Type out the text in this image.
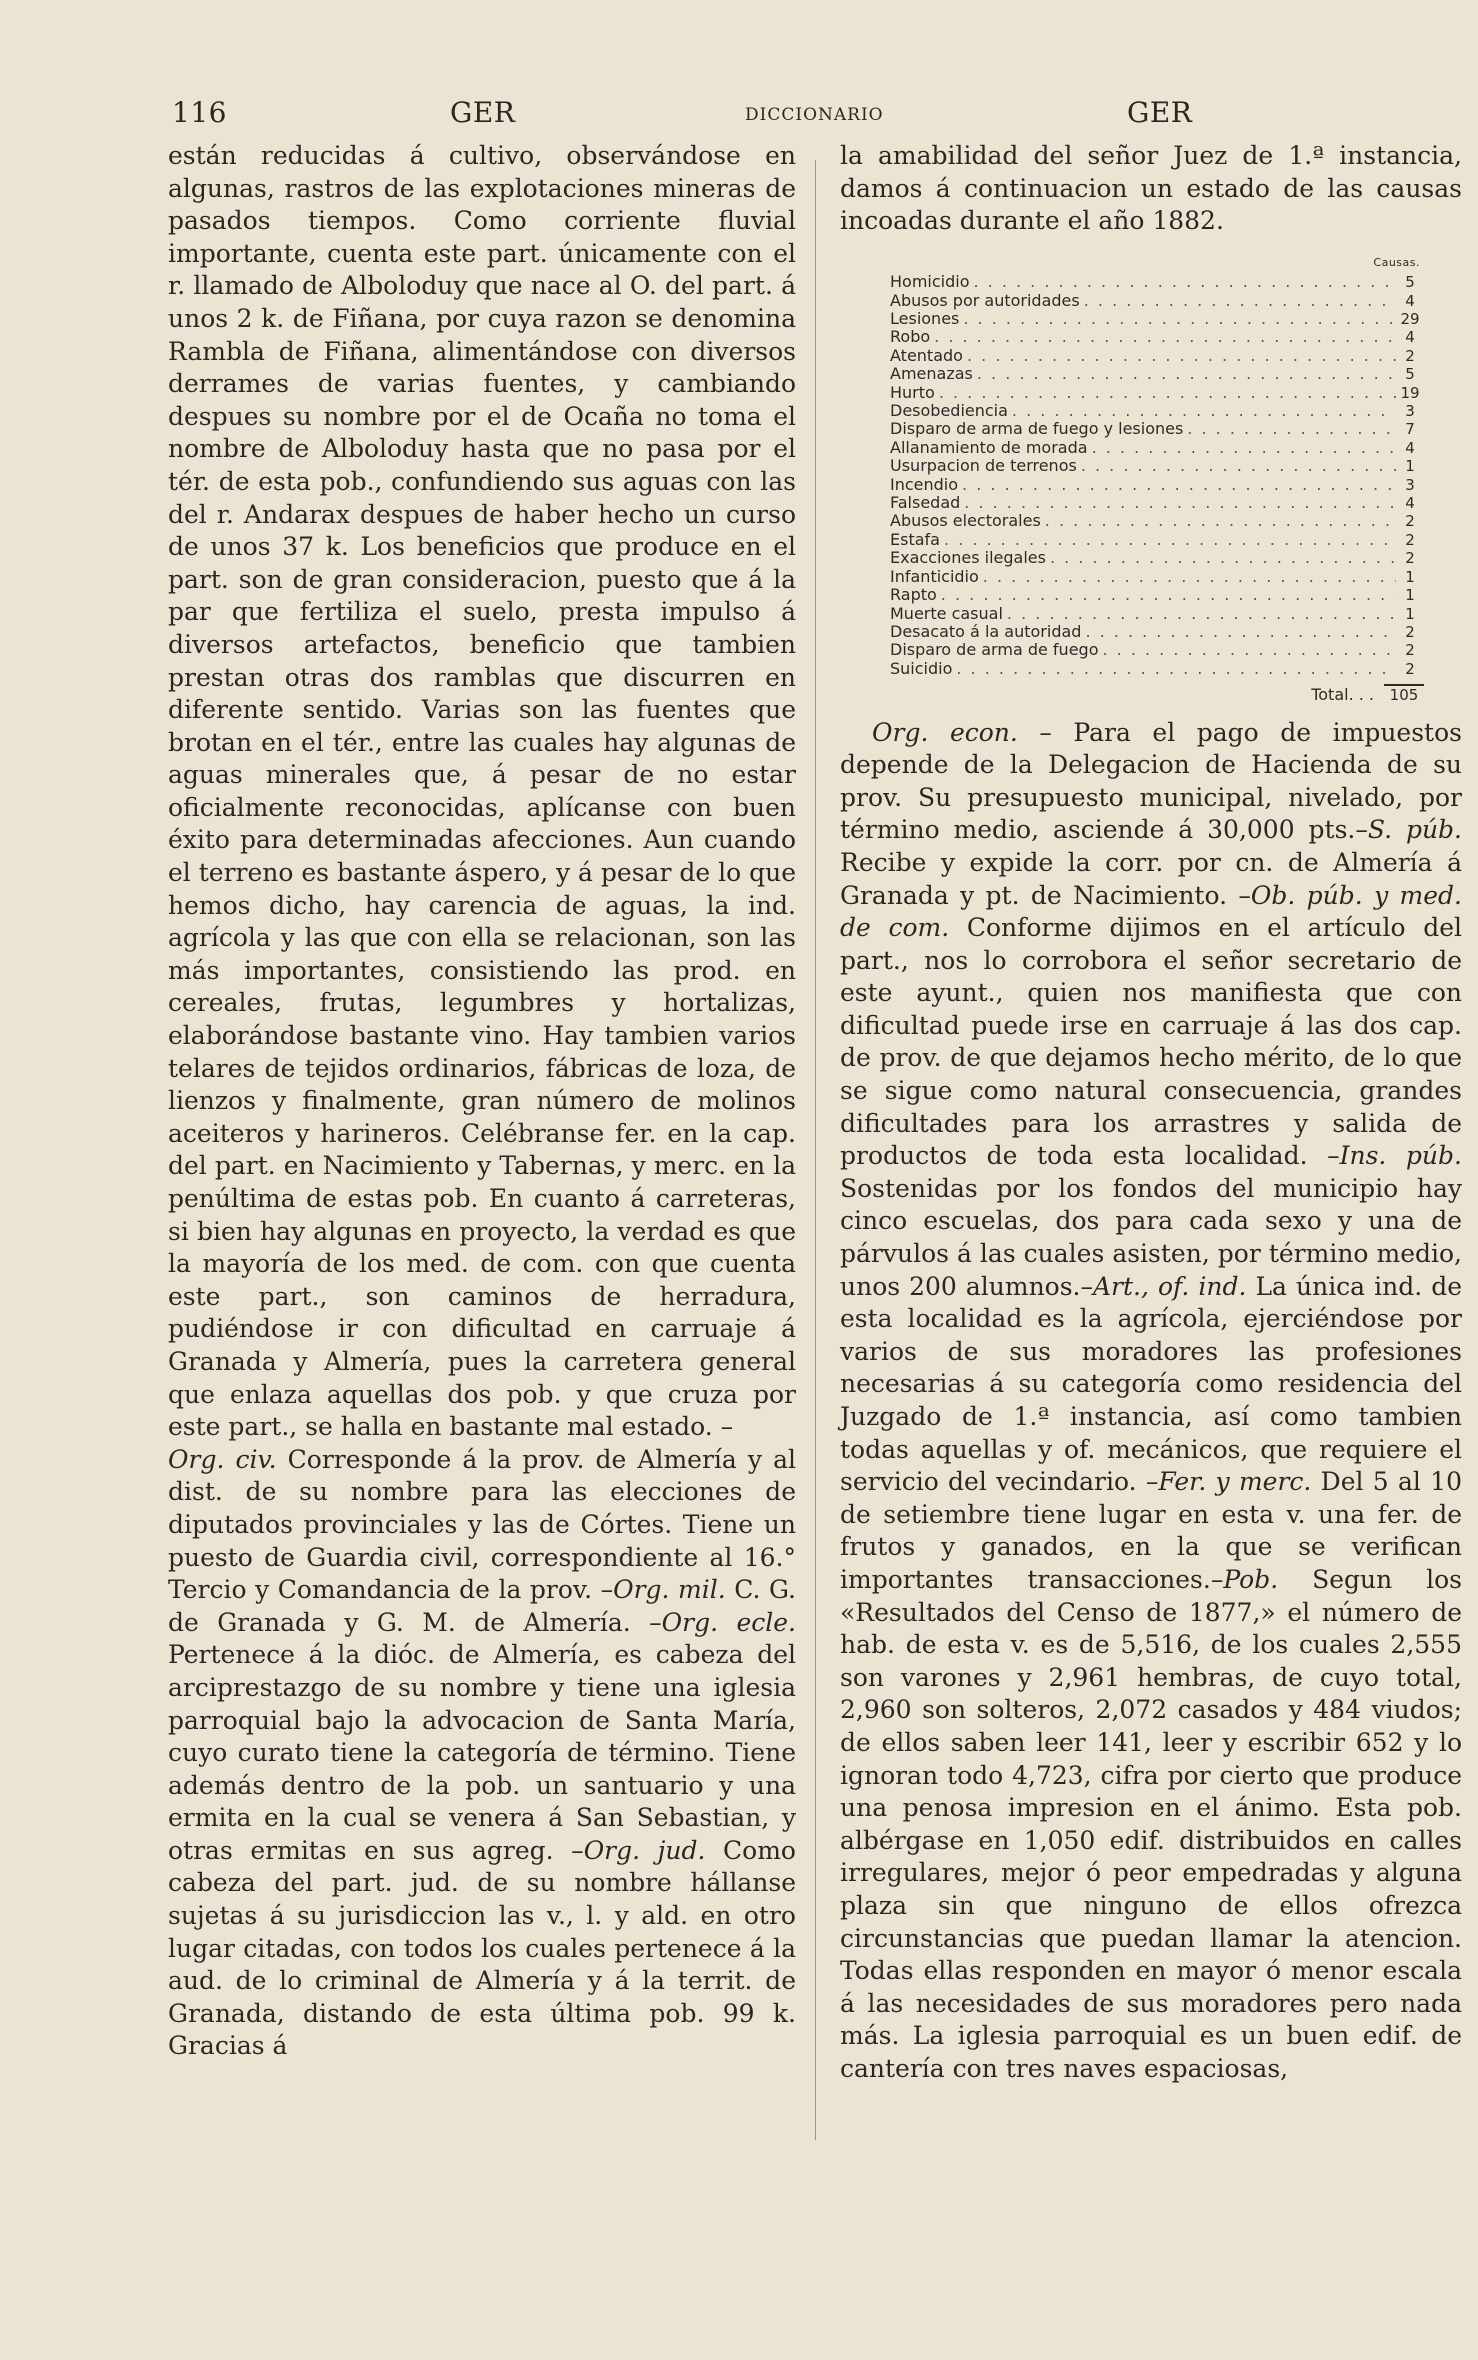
116	GER	DICCIONARIO	GER

están reducidas á cultivo, observándose en algunas, rastros de las explotaciones mineras de pasados tiempos. Como corriente fluvial importante, cuenta este part. únicamente con el r. llamado de Alboloduy que nace al O. del part. á unos 2 k. de Fiñana, por cuya razon se denomina Rambla de Fiñana, alimentándose con diversos derrames de varias fuentes, y cambiando despues su nombre por el de Ocaña no toma el nombre de Alboloduy hasta que no pasa por el tér. de esta pob., confundiendo sus aguas con las del r. Andarax despues de haber hecho un curso de unos 37 k. Los beneficios que produce en el part. son de gran consideracion, puesto que á la par que fertiliza el suelo, presta impulso á diversos artefactos, beneficio que tambien prestan otras dos ramblas que discurren en diferente sentido. Varias son las fuentes que brotan en el tér., entre las cuales hay algunas de aguas minerales que, á pesar de no estar oficialmente reconocidas, aplícanse con buen éxito para determinadas afecciones. Aun cuando el terreno es bastante áspero, y á pesar de lo que hemos dicho, hay carencia de aguas, la ind. agrícola y las que con ella se relacionan, son las más importantes, consistiendo las prod. en cereales, frutas, legumbres y hortalizas, elaborándose bastante vino. Hay tambien varios telares de tejidos ordinarios, fábricas de loza, de lienzos y finalmente, gran número de molinos aceiteros y harineros. Celébranse fer. en la cap. del part. en Nacimiento y Tabernas, y merc. en la penúltima de estas pob. En cuanto á carreteras, si bien hay algunas en proyecto, la verdad es que la mayoría de los med. de com. con que cuenta este part., son caminos de herradura, pudiéndose ir con dificultad en carruaje á Granada y Almería, pues la carretera general que enlaza aquellas dos pob. y que cruza por este part., se halla en bastante mal estado. –

Org. civ. Corresponde á la prov. de Almería y al dist. de su nombre para las elecciones de diputados provinciales y las de Córtes. Tiene un puesto de Guardia civil, correspondiente al 16.° Tercio y Comandancia de la prov. –Org. mil. C. G. de Granada y G. M. de Almería. –Org. ecle. Pertenece á la dióc. de Almería, es cabeza del arciprestazgo de su nombre y tiene una iglesia parroquial bajo la advocacion de Santa María, cuyo curato tiene la categoría de término. Tiene además dentro de la pob. un santuario y una ermita en la cual se venera á San Sebastian, y otras ermitas en sus agreg. –Org. jud. Como cabeza del part. jud. de su nombre hállanse sujetas á su jurisdiccion las v., l. y ald. en otro lugar citadas, con todos los cuales pertenece á la aud. de lo criminal de Almería y á la territ. de Granada, distando de esta última pob. 99 k. Gracias á

la amabilidad del señor Juez de 1.ª instancia, damos á continuacion un estado de las causas incoadas durante el año 1882.

Causas.
Homicidio . . .	5
Abusos por autoridades . . .	4
Lesiones . . .	29
Robo . . .	4
Atentado . . .	2
Amenazas . . .	5
Hurto . . .	19
Desobediencia . . .	3
Disparo de arma de fuego y lesiones . . .	7
Allanamiento de morada . . .	4
Usurpacion de terrenos . . .	1
Incendio . . .	3
Falsedad . . .	4
Abusos electorales . . .	2
Estafa . . .	2
Exacciones ilegales . . .	2
Infanticidio . . .	1
Rapto . . .	1
Muerte casual . . .	1
Desacato á la autoridad . . .	2
Disparo de arma de fuego . . .	2
Suicidio . . .	2
Total. . .	105

Org. econ. – Para el pago de impuestos depende de la Delegacion de Hacienda de su prov. Su presupuesto municipal, nivelado, por término medio, asciende á 30,000 pts.–S. púb. Recibe y expide la corr. por cn. de Almería á Granada y pt. de Nacimiento. –Ob. púb. y med. de com. Conforme dijimos en el artículo del part., nos lo corrobora el señor secretario de este ayunt., quien nos manifiesta que con dificultad puede irse en carruaje á las dos cap. de prov. de que dejamos hecho mérito, de lo que se sigue como natural consecuencia, grandes dificultades para los arrastres y salida de productos de toda esta localidad. –Ins. púb. Sostenidas por los fondos del municipio hay cinco escuelas, dos para cada sexo y una de párvulos á las cuales asisten, por término medio, unos 200 alumnos.–Art., of. ind. La única ind. de esta localidad es la agrícola, ejerciéndose por varios de sus moradores las profesiones necesarias á su categoría como residencia del Juzgado de 1.ª instancia, así como tambien todas aquellas y of. mecánicos, que requiere el servicio del vecindario. –Fer. y merc. Del 5 al 10 de setiembre tiene lugar en esta v. una fer. de frutos y ganados, en la que se verifican importantes transacciones.–Pob. Segun los «Resultados del Censo de 1877,» el número de hab. de esta v. es de 5,516, de los cuales 2,555 son varones y 2,961 hembras, de cuyo total, 2,960 son solteros, 2,072 casados y 484 viudos; de ellos saben leer 141, leer y escribir 652 y lo ignoran todo 4,723, cifra por cierto que produce una penosa impresion en el ánimo. Esta pob. albérgase en 1,050 edif. distribuidos en calles irregulares, mejor ó peor empedradas y alguna plaza sin que ninguno de ellos ofrezca circunstancias que puedan llamar la atencion. Todas ellas responden en mayor ó menor escala á las necesidades de sus moradores pero nada más. La iglesia parroquial es un buen edif. de cantería con tres naves espaciosas,
